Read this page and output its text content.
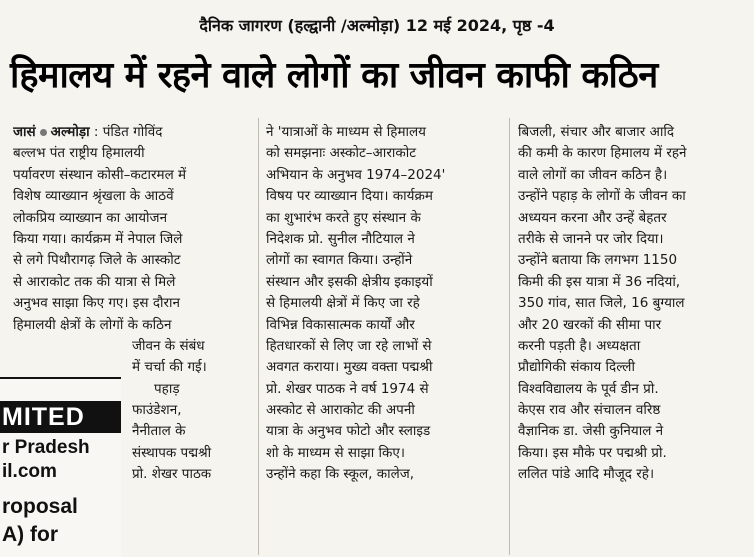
दैनिक जागरण (हल्द्वानी /अल्मोड़ा) 12 मई 2024, पृष्ठ -4
हिमालय में रहने वाले लोगों का जीवन काफी कठिन
जासं अल्मोड़ा : पंडित गोविंद
बल्लभ पंत राष्ट्रीय हिमालयी
पर्यावरण संस्थान कोसी–कटारमल में
विशेष व्याख्यान श्रृंखला के आठवें
लोकप्रिय व्याख्यान का आयोजन
किया गया। कार्यक्रम में नेपाल जिले
से लगे पिथौरागढ़ जिले के आस्कोट
से आराकोट तक की यात्रा से मिले
अनुभव साझा किए गए। इस दौरान
हिमालयी क्षेत्रों के लोगों के कठिन
जीवन के संबंध
में चर्चा की गई।
पहाड़
फाउंडेशन,
नैनीताल के
संस्थापक पद्मश्री
प्रो. शेखर पाठक
MITED
r Pradesh
il.com
roposal
A) for
ने 'यात्राओं के माध्यम से हिमालय
को समझनाः अस्कोट–आराकोट
अभियान के अनुभव 1974–2024'
विषय पर व्याख्यान दिया। कार्यक्रम
का शुभारंभ करते हुए संस्थान के
निदेशक प्रो. सुनील नौटियाल ने
लोगों का स्वागत किया। उन्होंने
संस्थान और इसकी क्षेत्रीय इकाइयों
से हिमालयी क्षेत्रों में किए जा रहे
विभिन्न विकासात्मक कार्यों और
हितधारकों से लिए जा रहे लाभों से
अवगत कराया। मुख्य वक्ता पद्मश्री
प्रो. शेखर पाठक ने वर्ष 1974 से
अस्कोट से आराकोट की अपनी
यात्रा के अनुभव फोटो और स्लाइड
शो के माध्यम से साझा किए।
उन्होंने कहा कि स्कूल, कालेज,
बिजली, संचार और बाजार आदि
की कमी के कारण हिमालय में रहने
वाले लोगों का जीवन कठिन है।
उन्होंने पहाड़ के लोगों के जीवन का
अध्ययन करना और उन्हें बेहतर
तरीके से जानने पर जोर दिया।
उन्होंने बताया कि लगभग 1150
किमी की इस यात्रा में 36 नदियां,
350 गांव, सात जिले, 16 बुग्याल
और 20 खरकों की सीमा पार
करनी पड़ती है। अध्यक्षता
प्रौद्योगिकी संकाय दिल्ली
विश्वविद्यालय के पूर्व डीन प्रो.
केएस राव और संचालन वरिष्ठ
वैज्ञानिक डा. जेसी कुनियाल ने
किया। इस मौके पर पद्मश्री प्रो.
ललित पांडे आदि मौजूद रहे।
